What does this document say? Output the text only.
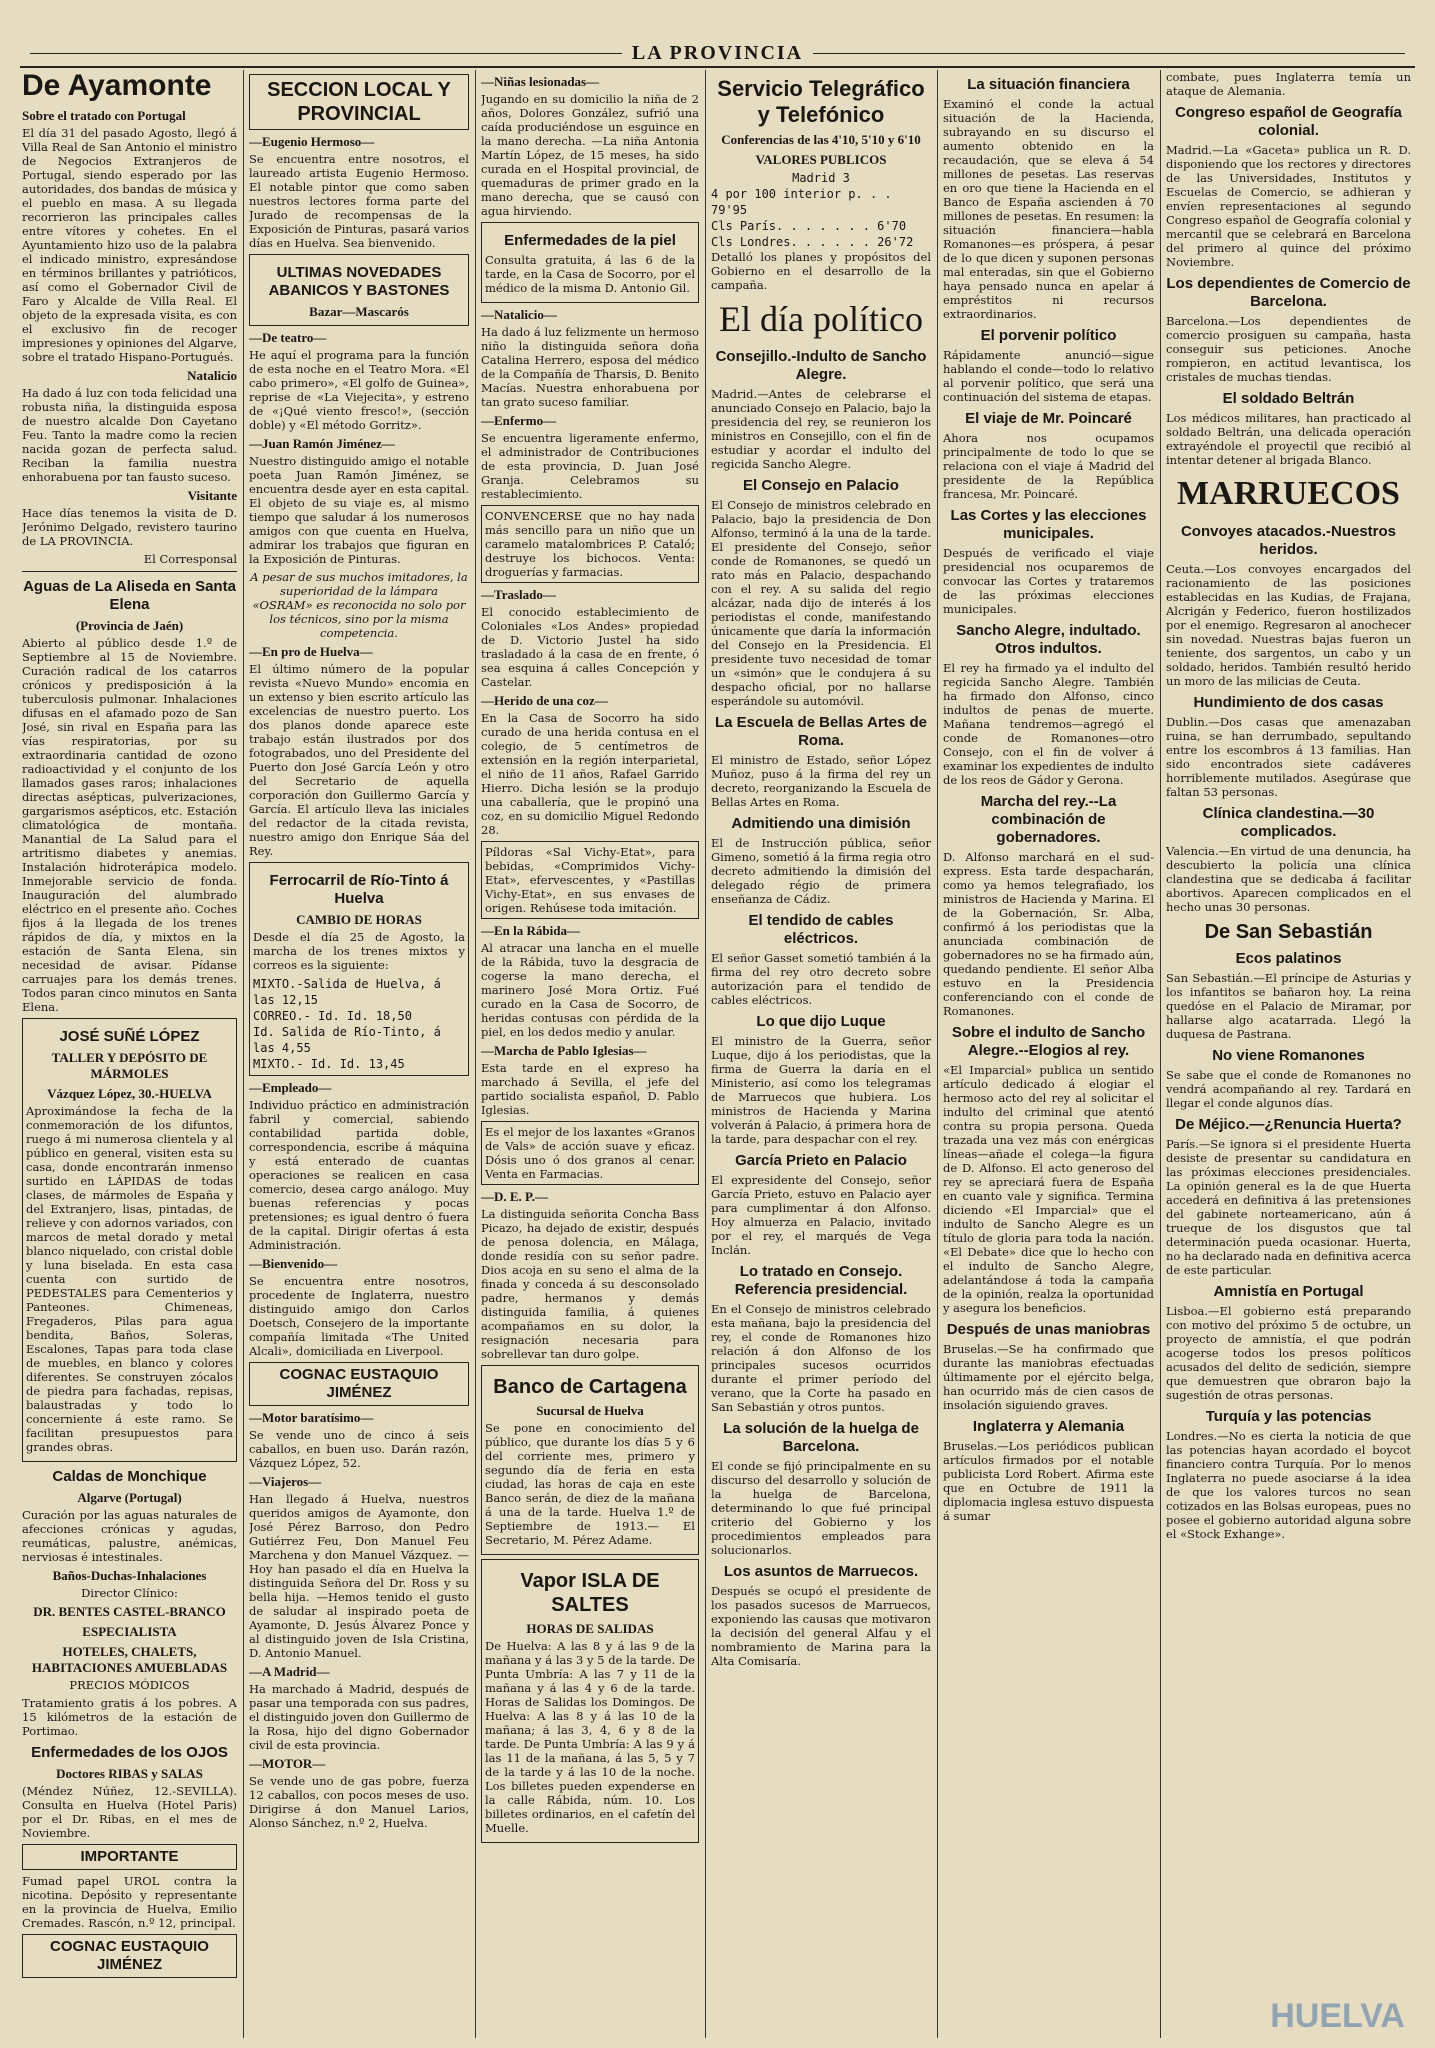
LA PROVINCIA
De Ayamonte
Sobre el tratado con Portugal

El día 31 del pasado Agosto, llegó á Villa Real de San Antonio el ministro de Negocios Extranjeros de Portugal, siendo esperado por las autoridades, dos bandas de música y el pueblo en masa. A su llegada recorrieron las principales calles entre vítores y cohetes. En el Ayuntamiento hizo uso de la palabra el indicado ministro, expresándose en términos brillantes y patrióticos, así como el Gobernador Civil de Faro y Alcalde de Villa Real. El objeto de la expresada visita, es con el exclusivo fin de recoger impresiones y opiniones del Algarve, sobre el tratado Hispano-Portugués.

Natalicio

Ha dado á luz con toda felicidad una robusta niña, la distinguida esposa de nuestro alcalde Don Cayetano Feu. Tanto la madre como la recien nacida gozan de perfecta salud. Reciban la familia nuestra enhorabuena por tan fausto suceso.

Visitante

Hace días tenemos la visita de D. Jerónimo Delgado, revistero taurino de LA PROVINCIA.

El Corresponsal

Aguas de La Aliseda en Santa Elena
(Provincia de Jaén)

Abierto al público desde 1.º de Septiembre al 15 de Noviembre. Curación radical de los catarros crónicos y predisposición á la tuberculosis pulmonar. Inhalaciones difusas en el afamado pozo de San José, sin rival en España para las vías respiratorias, por su extraordinaria cantidad de ozono radioactividad y el conjunto de los llamados gases raros; inhalaciones directas asépticas, pulverizaciones, gargarismos asépticos, etc. Estación climatológica de montaña. Manantial de La Salud para el artritismo diabetes y anemias. Instalación hidroterápica modelo. Inmejorable servicio de fonda. Inauguración del alumbrado eléctrico en el presente año. Coches fijos á la llegada de los trenes rápidos de día, y mixtos en la estación de Santa Elena, sin necesidad de avisar. Pídanse carruajes para los demás trenes. Todos paran cinco minutos en Santa Elena.

JOSÉ SUÑÉ LÓPEZ
TALLER Y DEPÓSITO DE MÁRMOLES
Vázquez López, 30.-HUELVA

Aproximándose la fecha de la conmemoración de los difuntos, ruego á mi numerosa clientela y al público en general, visiten esta su casa, donde encontrarán inmenso surtido en LÁPIDAS de todas clases, de mármoles de España y del Extranjero, lisas, pintadas, de relieve y con adornos variados, con marcos de metal dorado y metal blanco niquelado, con cristal doble y luna biselada. En esta casa cuenta con surtido de PEDESTALES para Cementerios y Panteones. Chimeneas, Fregaderos, Pilas para agua bendita, Baños, Soleras, Escalones, Tapas para toda clase de muebles, en blanco y colores diferentes. Se construyen zócalos de piedra para fachadas, repisas, balaustradas y todo lo concerniente á este ramo. Se facilitan presupuestos para grandes obras.

Caldas de Monchique
Algarve (Portugal)

Curación por las aguas naturales de afecciones crónicas y agudas, reumáticas, palustre, anémicas, nerviosas é intestinales.

Baños-Duchas-Inhalaciones

Director Clínico:

DR. BENTES CASTEL-BRANCO
ESPECIALISTA
HOTELES, CHALETS, HABITACIONES AMUEBLADAS

PRECIOS MÓDICOS

Tratamiento gratis á los pobres. A 15 kilómetros de la estación de Portimao.

Enfermedades de los OJOS
Doctores RIBAS y SALAS

(Méndez Núñez, 12.-SEVILLA). Consulta en Huelva (Hotel Paris) por el Dr. Ribas, en el mes de Noviembre.

IMPORTANTE

Fumad papel UROL contra la nicotina. Depósito y representante en la provincia de Huelva, Emilio Cremades. Rascón, n.º 12, principal.

COGNAC EUSTAQUIO JIMÉNEZ
SECCION LOCAL Y PROVINCIAL
—Eugenio Hermoso—

Se encuentra entre nosotros, el laureado artista Eugenio Hermoso. El notable pintor que como saben nuestros lectores forma parte del Jurado de recompensas de la Exposición de Pinturas, pasará varios días en Huelva. Sea bienvenido.

ULTIMAS NOVEDADES ABANICOS Y BASTONES
Bazar—Mascarós
—De teatro—

He aquí el programa para la función de esta noche en el Teatro Mora. «El cabo primero», «El golfo de Guinea», reprise de «La Viejecita», y estreno de «¡Qué viento fresco!», (sección doble) y «El método Gorritz».

—Juan Ramón Jiménez—

Nuestro distinguido amigo el notable poeta Juan Ramón Jiménez, se encuentra desde ayer en esta capital. El objeto de su viaje es, al mismo tiempo que saludar á los numerosos amigos con que cuenta en Huelva, admirar los trabajos que figuran en la Exposición de Pinturas.

A pesar de sus muchos imitadores, la superioridad de la lámpara «OSRAM» es reconocida no solo por los técnicos, sino por la misma competencia.

—En pro de Huelva—

El último número de la popular revista «Nuevo Mundo» encomia en un extenso y bien escrito artículo las excelencias de nuestro puerto. Los dos planos donde aparece este trabajo están ilustrados por dos fotograbados, uno del Presidente del Puerto don José García León y otro del Secretario de aquella corporación don Guillermo García y García. El artículo lleva las iniciales del redactor de la citada revista, nuestro amigo don Enrique Sáa del Rey.

Ferrocarril de Río-Tinto á Huelva
CAMBIO DE HORAS

Desde el día 25 de Agosto, la marcha de los trenes mixtos y correos es la siguiente:

MIXTO.-Salida de Huelva, á las 12,15
CORREO.- Id. Id. 18,50
Id. Salida de Río-Tinto, á las 4,55
MIXTO.- Id. Id. 13,45
—Empleado—

Individuo práctico en administración fabril y comercial, sabiendo contabilidad partida doble, correspondencia, escribe á máquina y está enterado de cuantas operaciones se realicen en casa comercio, desea cargo análogo. Muy buenas referencias y pocas pretensiones; es igual dentro ó fuera de la capital. Dirigir ofertas á esta Administración.

—Bienvenido—

Se encuentra entre nosotros, procedente de Inglaterra, nuestro distinguido amigo don Carlos Doetsch, Consejero de la importante compañía limitada «The United Alcali», domiciliada en Liverpool.

COGNAC EUSTAQUIO JIMÉNEZ
—Motor baratísimo—

Se vende uno de cinco á seis caballos, en buen uso. Darán razón, Vázquez López, 52.

—Viajeros—

Han llegado á Huelva, nuestros queridos amigos de Ayamonte, don José Pérez Barroso, don Pedro Gutiérrez Feu, Don Manuel Feu Marchena y don Manuel Vázquez. —Hoy han pasado el día en Huelva la distinguida Señora del Dr. Ross y su bella hija. —Hemos tenido el gusto de saludar al inspirado poeta de Ayamonte, D. Jesús Álvarez Ponce y al distinguido joven de Isla Cristina, D. Antonio Manuel.

—A Madrid—

Ha marchado á Madrid, después de pasar una temporada con sus padres, el distinguido joven don Guillermo de la Rosa, hijo del digno Gobernador civil de esta provincia.

—MOTOR—

Se vende uno de gas pobre, fuerza 12 caballos, con pocos meses de uso. Dirigirse á don Manuel Larios, Alonso Sánchez, n.º 2, Huelva.

—Niñas lesionadas—

Jugando en su domicilio la niña de 2 años, Dolores González, sufrió una caída produciéndose un esguince en la mano derecha. —La niña Antonia Martín López, de 15 meses, ha sido curada en el Hospital provincial, de quemaduras de primer grado en la mano derecha, que se causó con agua hirviendo.

Enfermedades de la piel

Consulta gratuita, á las 6 de la tarde, en la Casa de Socorro, por el médico de la misma D. Antonio Gil.

—Natalicio—

Ha dado á luz felizmente un hermoso niño la distinguida señora doña Catalina Herrero, esposa del médico de la Compañía de Tharsis, D. Benito Macías. Nuestra enhorabuena por tan grato suceso familiar.

—Enfermo—

Se encuentra ligeramente enfermo, el administrador de Contribuciones de esta provincia, D. Juan José Granja. Celebramos su restablecimiento.

CONVENCERSE que no hay nada más sencillo para un niño que un caramelo matalombrices P. Cataló; destruye los bichocos. Venta: droguerías y farmacias.

—Traslado—

El conocido establecimiento de Coloniales «Los Andes» propiedad de D. Victorio Justel ha sido trasladado á la casa de en frente, ó sea esquina á calles Concepción y Castelar.

—Herido de una coz—

En la Casa de Socorro ha sido curado de una herida contusa en el colegio, de 5 centímetros de extensión en la región interparietal, el niño de 11 años, Rafael Garrido Hierro. Dicha lesión se la produjo una caballería, que le propinó una coz, en su domicilio Miguel Redondo 28.

Píldoras «Sal Vichy-Etat», para bebidas, «Comprimidos Vichy-Etat», efervescentes, y «Pastillas Vichy-Etat», en sus envases de origen. Rehúsese toda imitación.

—En la Rábida—

Al atracar una lancha en el muelle de la Rábida, tuvo la desgracia de cogerse la mano derecha, el marinero José Mora Ortiz. Fué curado en la Casa de Socorro, de heridas contusas con pérdida de la piel, en los dedos medio y anular.

—Marcha de Pablo Iglesias—

Esta tarde en el expreso ha marchado á Sevilla, el jefe del partido socialista español, D. Pablo Iglesias.

Es el mejor de los laxantes «Granos de Vals» de acción suave y eficaz. Dósis uno ó dos granos al cenar. Venta en Farmacias.

—D. E. P.—

La distinguida señorita Concha Bass Picazo, ha dejado de existir, después de penosa dolencia, en Málaga, donde residía con su señor padre. Dios acoja en su seno el alma de la finada y conceda á su desconsolado padre, hermanos y demás distinguida familia, á quienes acompañamos en su dolor, la resignación necesaria para sobrellevar tan duro golpe.

Banco de Cartagena
Sucursal de Huelva

Se pone en conocimiento del público, que durante los días 5 y 6 del corriente mes, primero y segundo día de feria en esta ciudad, las horas de caja en este Banco serán, de diez de la mañana á una de la tarde. Huelva 1.º de Septiembre de 1913.— El Secretario, M. Pérez Adame.

Vapor ISLA DE SALTES
HORAS DE SALIDAS

De Huelva: A las 8 y á las 9 de la mañana y á las 3 y 5 de la tarde. De Punta Umbría: A las 7 y 11 de la mañana y á las 4 y 6 de la tarde. Horas de Salidas los Domingos. De Huelva: A las 8 y á las 10 de la mañana; á las 3, 4, 6 y 8 de la tarde. De Punta Umbría: A las 9 y á las 11 de la mañana, á las 5, 5 y 7 de la tarde y á las 10 de la noche. Los billetes pueden expenderse en la calle Rábida, núm. 10. Los billetes ordinarios, en el cafetín del Muelle.

Servicio Telegráfico y Telefónico
Conferencias de las 4'10, 5'10 y 6'10
VALORES PUBLICOS
Madrid 3
4 por 100 interior p. . . 79'95
Cls París. . . . . . . 6'70
Cls Londres. . . . . . 26'72

Detalló los planes y propósitos del Gobierno en el desarrollo de la campaña.

El día político
Consejillo.-Indulto de Sancho Alegre.

Madrid.—Antes de celebrarse el anunciado Consejo en Palacio, bajo la presidencia del rey, se reunieron los ministros en Consejillo, con el fin de estudiar y acordar el indulto del regicida Sancho Alegre.

El Consejo en Palacio

El Consejo de ministros celebrado en Palacio, bajo la presidencia de Don Alfonso, terminó á la una de la tarde. El presidente del Consejo, señor conde de Romanones, se quedó un rato más en Palacio, despachando con el rey. A su salida del regio alcázar, nada dijo de interés á los periodistas el conde, manifestando únicamente que daría la información del Consejo en la Presidencia. El presidente tuvo necesidad de tomar un «simón» que le condujera á su despacho oficial, por no hallarse esperándole su automóvil.

La Escuela de Bellas Artes de Roma.

El ministro de Estado, señor López Muñoz, puso á la firma del rey un decreto, reorganizando la Escuela de Bellas Artes en Roma.

Admitiendo una dimisión

El de Instrucción pública, señor Gimeno, sometió á la firma regia otro decreto admitiendo la dimisión del delegado régio de primera enseñanza de Cádiz.

El tendido de cables eléctricos.

El señor Gasset sometió también á la firma del rey otro decreto sobre autorización para el tendido de cables eléctricos.

Lo que dijo Luque

El ministro de la Guerra, señor Luque, dijo á los periodistas, que la firma de Guerra la daría en el Ministerio, así como los telegramas de Marruecos que hubiera. Los ministros de Hacienda y Marina volverán á Palacio, á primera hora de la tarde, para despachar con el rey.

García Prieto en Palacio

El expresidente del Consejo, señor García Prieto, estuvo en Palacio ayer para cumplimentar á don Alfonso. Hoy almuerza en Palacio, invitado por el rey, el marqués de Vega Inclán.

Lo tratado en Consejo. Referencia presidencial.

En el Consejo de ministros celebrado esta mañana, bajo la presidencia del rey, el conde de Romanones hizo relación á don Alfonso de los principales sucesos ocurridos durante el primer período del verano, que la Corte ha pasado en San Sebastián y otros puntos.

La solución de la huelga de Barcelona.

El conde se fijó principalmente en su discurso del desarrollo y solución de la huelga de Barcelona, determinando lo que fué principal criterio del Gobierno y los procedimientos empleados para solucionarlos.

Los asuntos de Marruecos.

Después se ocupó el presidente de los pasados sucesos de Marruecos, exponiendo las causas que motivaron la decisión del general Alfau y el nombramiento de Marina para la Alta Comisaría.

La situación financiera

Examinó el conde la actual situación de la Hacienda, subrayando en su discurso el aumento obtenido en la recaudación, que se eleva á 54 millones de pesetas. Las reservas en oro que tiene la Hacienda en el Banco de España ascienden á 70 millones de pesetas. En resumen: la situación financiera—habla Romanones—es próspera, á pesar de lo que dicen y suponen personas mal enteradas, sin que el Gobierno haya pensado nunca en apelar á empréstitos ni recursos extraordinarios.

El porvenir político

Rápidamente anunció—sigue hablando el conde—todo lo relativo al porvenir político, que será una continuación del sistema de etapas.

El viaje de Mr. Poincaré

Ahora nos ocupamos principalmente de todo lo que se relaciona con el viaje á Madrid del presidente de la República francesa, Mr. Poincaré.

Las Cortes y las elecciones municipales.

Después de verificado el viaje presidencial nos ocuparemos de convocar las Cortes y trataremos de las próximas elecciones municipales.

Sancho Alegre, indultado. Otros indultos.

El rey ha firmado ya el indulto del regicida Sancho Alegre. También ha firmado don Alfonso, cinco indultos de penas de muerte. Mañana tendremos—agregó el conde de Romanones—otro Consejo, con el fin de volver á examinar los expedientes de indulto de los reos de Gádor y Gerona.

Marcha del rey.--La combinación de gobernadores.

D. Alfonso marchará en el sud-express. Esta tarde despacharán, como ya hemos telegrafiado, los ministros de Hacienda y Marina. El de la Gobernación, Sr. Alba, confirmó á los periodistas que la anunciada combinación de gobernadores no se ha firmado aún, quedando pendiente. El señor Alba estuvo en la Presidencia conferenciando con el conde de Romanones.

Sobre el indulto de Sancho Alegre.--Elogios al rey.

«El Imparcial» publica un sentido artículo dedicado á elogiar el hermoso acto del rey al solicitar el indulto del criminal que atentó contra su propia persona. Queda trazada una vez más con enérgicas líneas—añade el colega—la figura de D. Alfonso. El acto generoso del rey se apreciará fuera de España en cuanto vale y significa. Termina diciendo «El Imparcial» que el indulto de Sancho Alegre es un título de gloria para toda la nación. «El Debate» dice que lo hecho con el indulto de Sancho Alegre, adelantándose á toda la campaña de la opinión, realza la oportunidad y asegura los beneficios.

Después de unas maniobras

Bruselas.—Se ha confirmado que durante las maniobras efectuadas últimamente por el ejército belga, han ocurrido más de cien casos de insolación siguiendo graves.

Inglaterra y Alemania

Bruselas.—Los periódicos publican artículos firmados por el notable publicista Lord Robert. Afirma este que en Octubre de 1911 la diplomacia inglesa estuvo dispuesta á sumar

combate, pues Inglaterra temía un ataque de Alemania.

Congreso español de Geografía colonial.

Madrid.—La «Gaceta» publica un R. D. disponiendo que los rectores y directores de las Universidades, Institutos y Escuelas de Comercio, se adhieran y envíen representaciones al segundo Congreso español de Geografía colonial y mercantil que se celebrará en Barcelona del primero al quince del próximo Noviembre.

Los dependientes de Comercio de Barcelona.

Barcelona.—Los dependientes de comercio prosiguen su campaña, hasta conseguir sus peticiones. Anoche rompieron, en actitud levantisca, los cristales de muchas tiendas.

El soldado Beltrán

Los médicos militares, han practicado al soldado Beltrán, una delicada operación extrayéndole el proyectil que recibió al intentar detener al brigada Blanco.

MARRUECOS
Convoyes atacados.-Nuestros heridos.

Ceuta.—Los convoyes encargados del racionamiento de las posiciones establecidas en las Kudias, de Frajana, Alcrigán y Federico, fueron hostilizados por el enemigo. Regresaron al anochecer sin novedad. Nuestras bajas fueron un teniente, dos sargentos, un cabo y un soldado, heridos. También resultó herido un moro de las milicias de Ceuta.

Hundimiento de dos casas

Dublin.—Dos casas que amenazaban ruina, se han derrumbado, sepultando entre los escombros á 13 familias. Han sido encontrados siete cadáveres horriblemente mutilados. Asegúrase que faltan 53 personas.

Clínica clandestina.—30 complicados.

Valencia.—En virtud de una denuncia, ha descubierto la policía una clínica clandestina que se dedicaba á facilitar abortivos. Aparecen complicados en el hecho unas 30 personas.

De San Sebastián
Ecos palatinos

San Sebastián.—El príncipe de Asturias y los infantitos se bañaron hoy. La reina quedóse en el Palacio de Miramar, por hallarse algo acatarrada. Llegó la duquesa de Pastrana.

No viene Romanones

Se sabe que el conde de Romanones no vendrá acompañando al rey. Tardará en llegar el conde algunos días.

De Méjico.—¿Renuncia Huerta?

París.—Se ignora si el presidente Huerta desiste de presentar su candidatura en las próximas elecciones presidenciales. La opinión general es la de que Huerta accederá en definitiva á las pretensiones del gabinete norteamericano, aún á trueque de los disgustos que tal determinación pueda ocasionar. Huerta, no ha declarado nada en definitiva acerca de este particular.

Amnistía en Portugal

Lisboa.—El gobierno está preparando con motivo del próximo 5 de octubre, un proyecto de amnistía, el que podrán acogerse todos los presos políticos acusados del delito de sedición, siempre que demuestren que obraron bajo la sugestión de otras personas.

Turquía y las potencias

Londres.—No es cierta la noticia de que las potencias hayan acordado el boycot financiero contra Turquía. Por lo menos Inglaterra no puede asociarse á la idea de que los valores turcos no sean cotizados en las Bolsas europeas, pues no posee el gobierno autoridad alguna sobre el «Stock Exhange».

HUELVA
